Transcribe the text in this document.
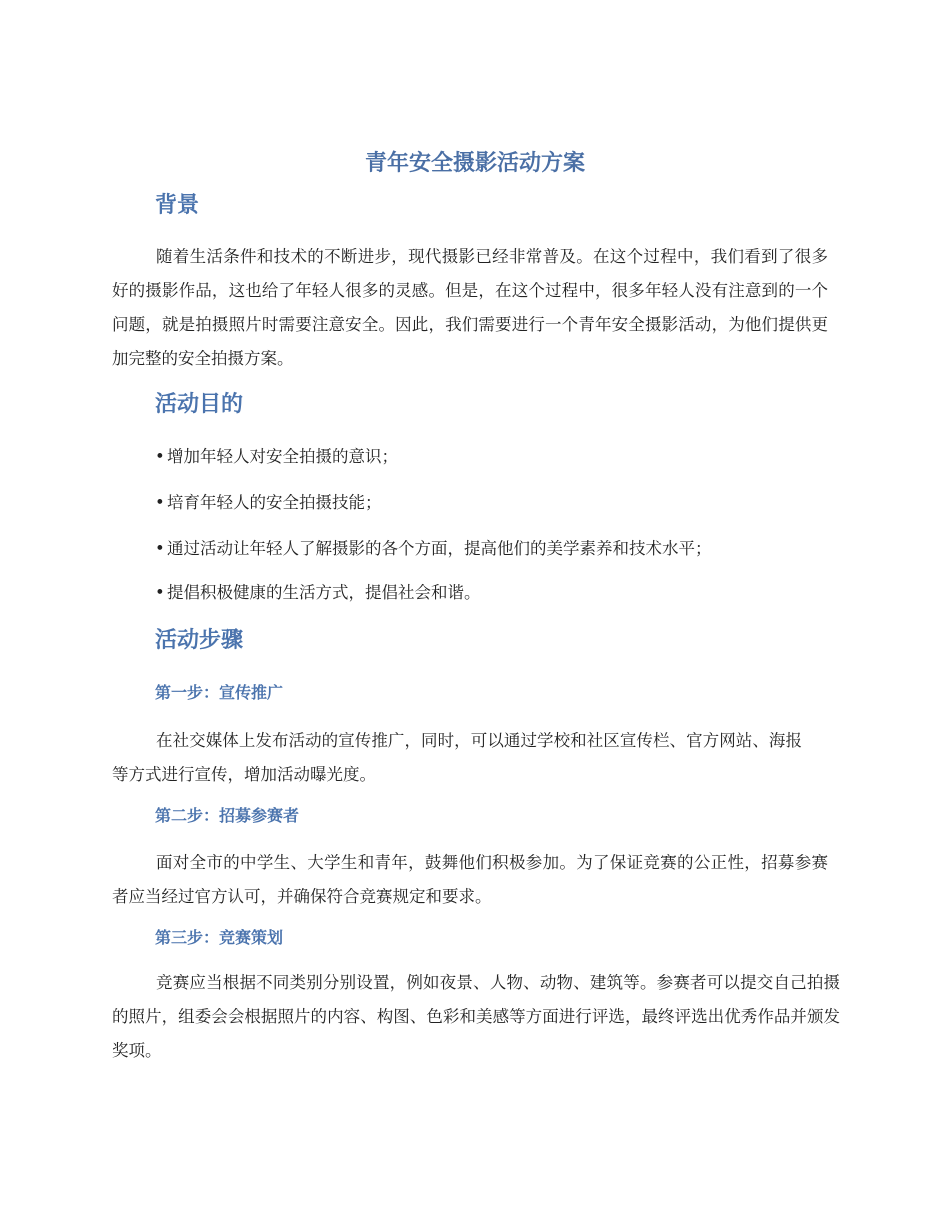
青年安全摄影活动方案
背景

随着生活条件和技术的不断进步，现代摄影已经非常普及。在这个过程中，我们看到了很多好的摄影作品，这也给了年轻人很多的灵感。但是，在这个过程中，很多年轻人没有注意到的一个问题，就是拍摄照片时需要注意安全。因此，我们需要进行一个青年安全摄影活动，为他们提供更加完整的安全拍摄方案。

活动目的
• 增加年轻人对安全拍摄的意识；
• 培育年轻人的安全拍摄技能；
• 通过活动让年轻人了解摄影的各个方面，提高他们的美学素养和技术水平；
• 提倡积极健康的生活方式，提倡社会和谐。
活动步骤
第一步：宣传推广

在社交媒体上发布活动的宣传推广，同时，可以通过学校和社区宣传栏、官方网站、海报等方式进行宣传，增加活动曝光度。

第二步：招募参赛者

面对全市的中学生、大学生和青年，鼓舞他们积极参加。为了保证竞赛的公正性，招募参赛者应当经过官方认可，并确保符合竞赛规定和要求。

第三步：竞赛策划

竞赛应当根据不同类别分别设置，例如夜景、人物、动物、建筑等。参赛者可以提交自己拍摄的照片，组委会会根据照片的内容、构图、色彩和美感等方面进行评选，最终评选出优秀作品并颁发奖项。
